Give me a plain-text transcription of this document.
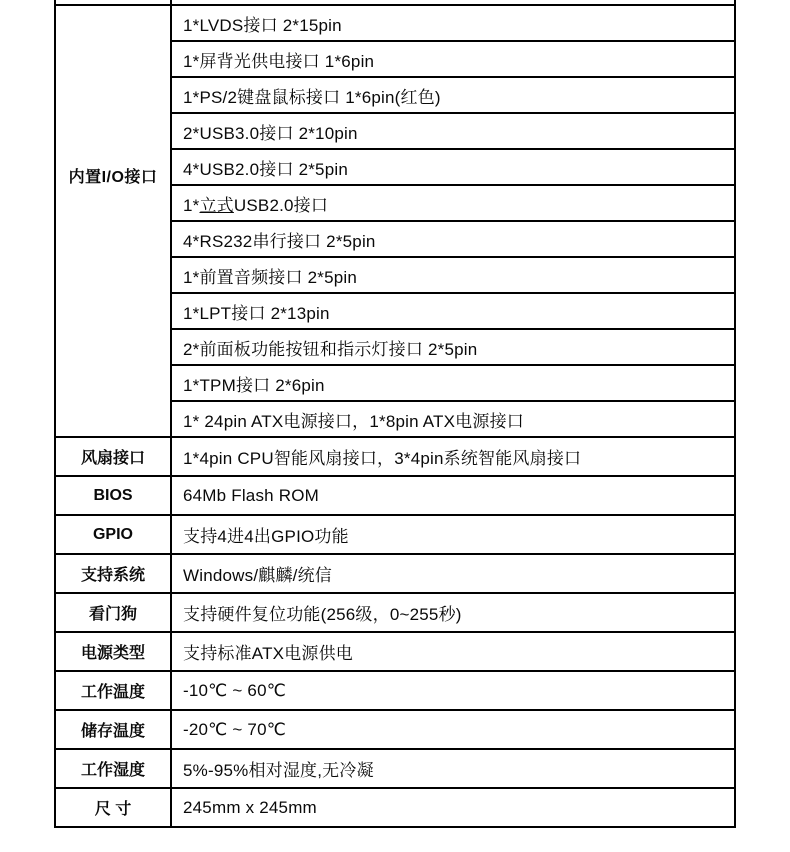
内置I/O接口	1*LVDS接口 2*15pin
	1*屏背光供电接口 1*6pin
	1*PS/2键盘鼠标接口 1*6pin(红色)
	2*USB3.0接口 2*10pin
	4*USB2.0接口 2*5pin
	1*立式USB2.0接口
	4*RS232串行接口 2*5pin
	1*前置音频接口 2*5pin
	1*LPT接口 2*13pin
	2*前面板功能按钮和指示灯接口 2*5pin
	1*TPM接口 2*6pin
	1* 24pin ATX电源接口，1*8pin ATX电源接口
风扇接口	1*4pin CPU智能风扇接口，3*4pin系统智能风扇接口
BIOS	64Mb Flash ROM
GPIO	支持4进4出GPIO功能
支持系统	Windows/麒麟/统信
看门狗	支持硬件复位功能(256级，0~255秒)
电源类型	支持标准ATX电源供电
工作温度	-10℃ ~ 60℃
储存温度	-20℃ ~ 70℃
工作湿度	5%-95%相对湿度,无冷凝
尺 寸	245mm x 245mm
